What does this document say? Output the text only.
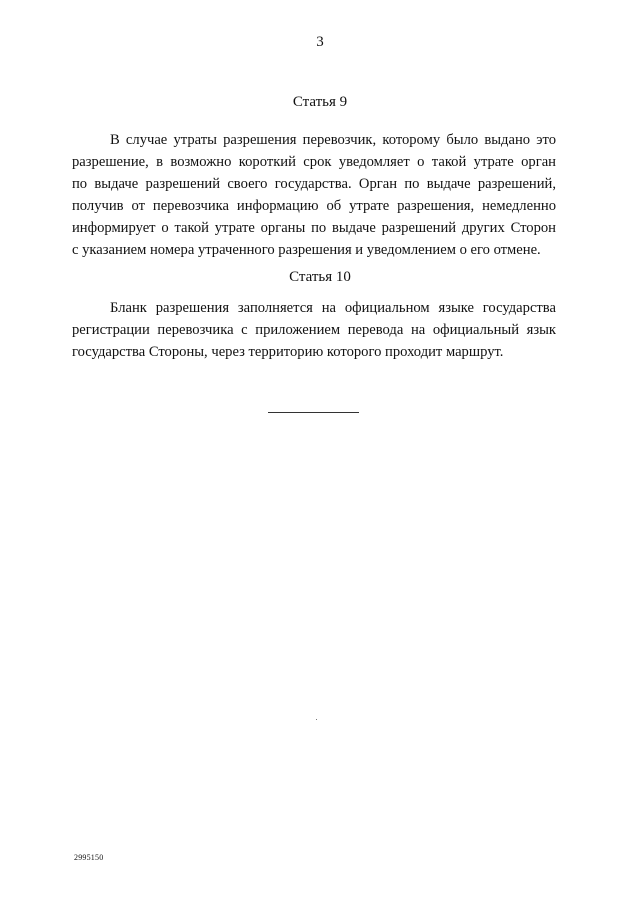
3
Статья 9
В случае утраты разрешения перевозчик, которому было выдано это
разрешение, в возможно короткий срок уведомляет о такой утрате орган
по выдаче разрешений своего государства. Орган по выдаче разрешений,
получив от перевозчика информацию об утрате разрешения, немедленно
информирует о такой утрате органы по выдаче разрешений других Сторон
с указанием номера утраченного разрешения и уведомлением о его отмене.
Статья 10
Бланк разрешения заполняется на официальном языке государства
регистрации перевозчика с приложением перевода на официальный язык
государства Стороны, через территорию которого проходит маршрут.
2995150
